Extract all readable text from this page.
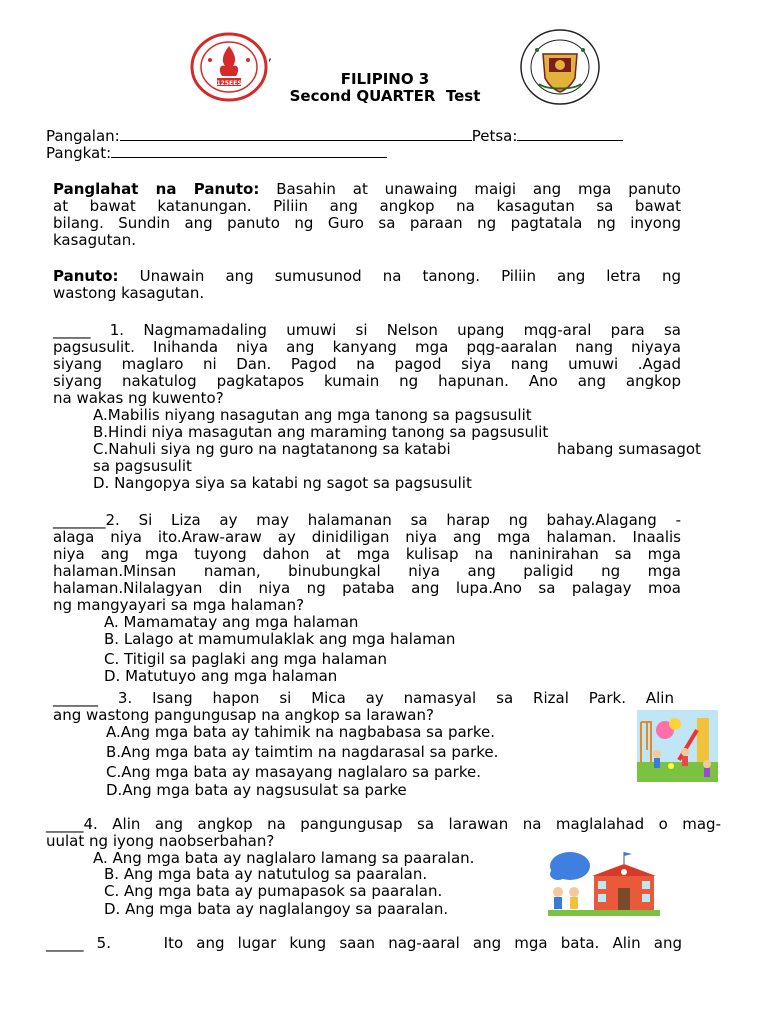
125EES
,
FILIPINO 3
Second QUARTER  Test
Pangalan:	Petsa:
Pangkat:
Panglahat na Panuto: Basahin at unawaing maigi ang mga panuto
at bawat katanungan. Piliin ang angkop na kasagutan sa bawat
bilang. Sundin ang panuto ng Guro sa paraan ng pagtatala ng inyong
kasagutan.
Panuto: Unawain ang sumusunod na tanong. Piliin ang letra ng
wastong kasagutan.
_____ 1. Nagmamadaling umuwi si Nelson upang mqg-aral para sa
pagsusulit. Inihanda niya ang kanyang mga pqg-aaralan nang niyaya
siyang maglaro ni Dan. Pagod na pagod siya nang umuwi .Agad
siyang nakatulog pagkatapos kumain ng hapunan. Ano ang angkop
na wakas ng kuwento?
A.Mabilis niyang nasagutan ang mga tanong sa pagsusulit
B.Hindi niya masagutan ang maraming tanong sa pagsusulit
C.Nahuli siya ng guro na nagtatanong sa katabi	habang sumasagot
sa pagsusulit
D. Nangopya siya sa katabi ng sagot sa pagsusulit
_______2. Si Liza ay may halamanan sa harap ng bahay.Alagang -
alaga niya ito.Araw-araw ay dinidiligan niya ang mga halaman. Inaalis
niya ang mga tuyong dahon at mga kulisap na naninirahan sa mga
halaman.Minsan naman, binubungkal niya ang paligid ng mga
halaman.Nilalagyan din niya ng pataba ang lupa.Ano sa palagay moa
ng mangyayari sa mga halaman?
A. Mamamatay ang mga halaman
B. Lalago at mamumulaklak ang mga halaman
C. Titigil sa paglaki ang mga halaman
D. Matutuyo ang mga halaman
______ 3. Isang hapon si Mica ay namasyal sa Rizal Park. Alin
ang wastong pangungusap na angkop sa larawan?
A.Ang mga bata ay tahimik na nagbabasa sa parke.
B.Ang mga bata ay taimtim na nagdarasal sa parke.
C.Ang mga bata ay masayang naglalaro sa parke.
D.Ang mga bata ay nagsusulat sa parke
_____4. Alin ang angkop na pangungusap sa larawan na maglalahad o mag-
uulat ng iyong naobserbahan?
A. Ang mga bata ay naglalaro lamang sa paaralan.
B. Ang mga bata ay natutulog sa paaralan.
C. Ang mga bata ay pumapasok sa paaralan.
D. Ang mga bata ay naglalangoy sa paaralan.
_____ 5.    Ito ang lugar kung saan nag-aaral ang mga bata. Alin ang
